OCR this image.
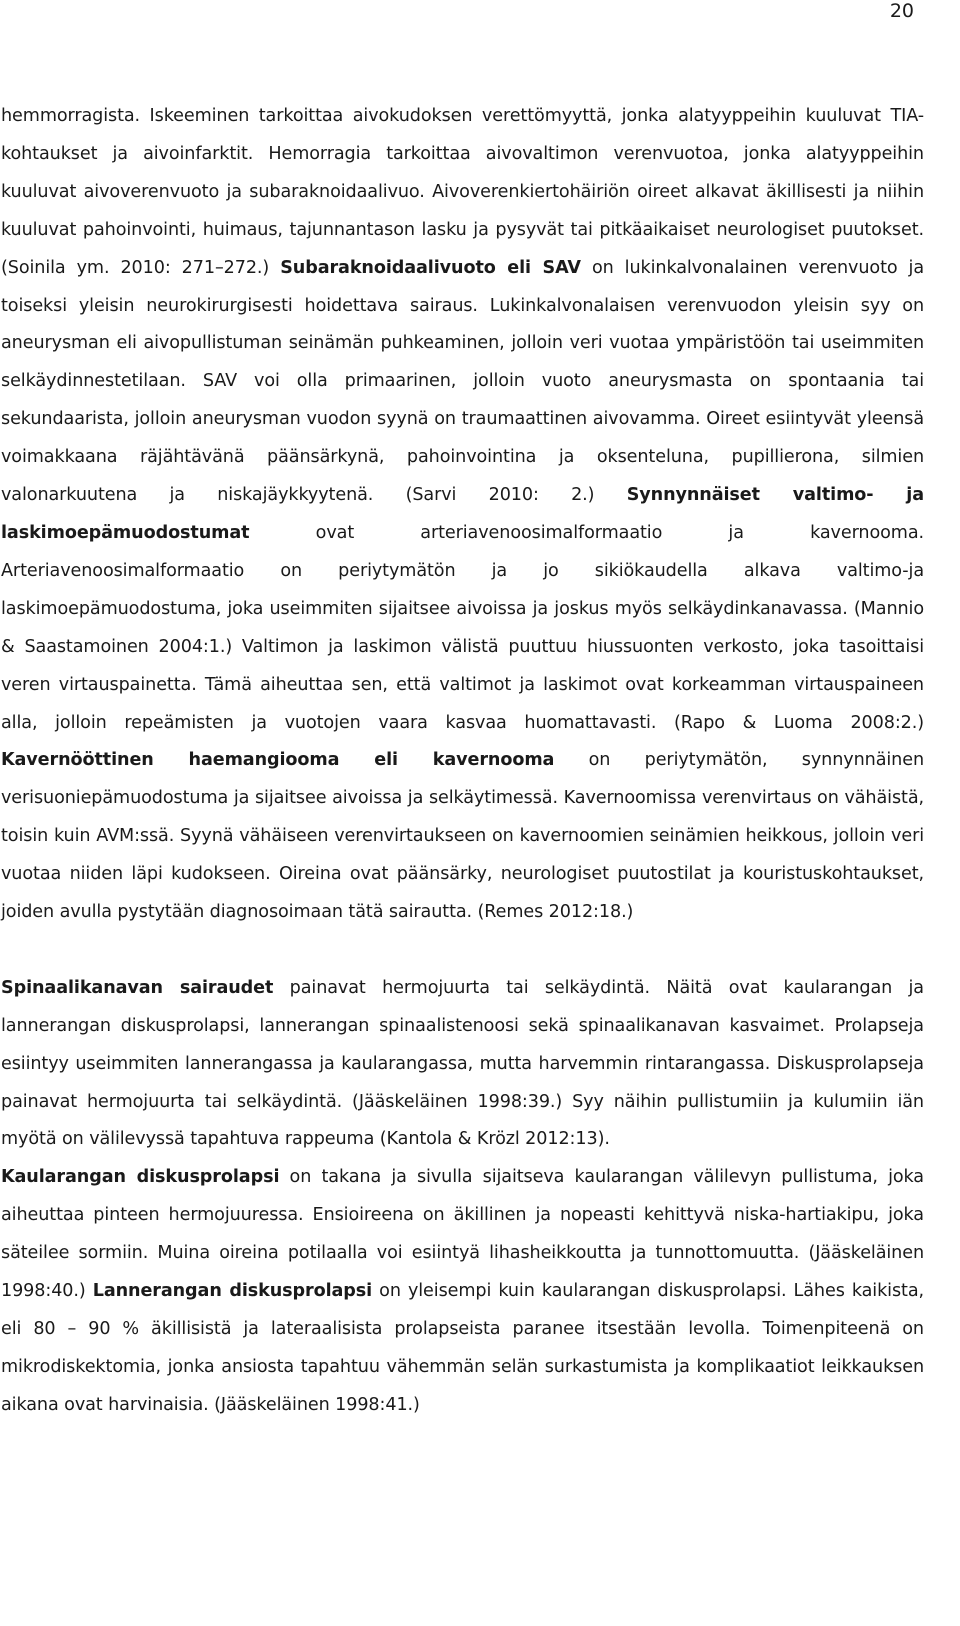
20

hemmorragista. Iskeeminen tarkoittaa aivokudoksen verettömyyttä, jonka alatyyppeihin kuuluvat TIA-kohtaukset ja aivoinfarktit. Hemorragia tarkoittaa aivovaltimon verenvuotoa, jonka alatyyppeihin kuuluvat aivoverenvuoto ja subaraknoidaalivuo. Aivoverenkiertohäiriön oireet alkavat äkillisesti ja niihin kuuluvat pahoinvointi, huimaus, tajunnantason lasku ja pysyvät tai pitkäaikaiset neurologiset puutokset. (Soinila ym. 2010: 271–272.) Subaraknoidaalivuoto eli SAV on lukinkalvonalainen verenvuoto ja toiseksi yleisin neurokirurgisesti hoidettava sairaus. Lukinkalvonalaisen verenvuodon yleisin syy on aneurysman eli aivopullistuman seinämän puhkeaminen, jolloin veri vuotaa ympäristöön tai useimmiten selkäydinnestetilaan. SAV voi olla primaarinen, jolloin vuoto aneurysmasta on spontaania tai sekundaarista, jolloin aneurysman vuodon syynä on traumaattinen aivovamma. Oireet esiintyvät yleensä voimakkaana räjähtävänä päänsärkynä, pahoinvointina ja oksenteluna, pupillierona, silmien valonarkuutena ja niskajäykkyytenä. (Sarvi 2010: 2.) Synnynnäiset valtimo- ja laskimoepämuodostumat ovat arteriavenoosimalformaatio ja kavernooma. Arteriavenoosimalformaatio on periytymätön ja jo sikiökaudella alkava valtimo-ja laskimoepämuodostuma, joka useimmiten sijaitsee aivoissa ja joskus myös selkäydinkanavassa. (Mannio & Saastamoinen 2004:1.) Valtimon ja laskimon välistä puuttuu hiussuonten verkosto, joka tasoittaisi veren virtauspainetta. Tämä aiheuttaa sen, että valtimot ja laskimot ovat korkeamman virtauspaineen alla, jolloin repeämisten ja vuotojen vaara kasvaa huomattavasti. (Rapo & Luoma 2008:2.) Kavernööttinen haemangiooma eli kavernooma on periytymätön, synnynnäinen verisuoniepämuodostuma ja sijaitsee aivoissa ja selkäytimessä. Kavernoomissa verenvirtaus on vähäistä, toisin kuin AVM:ssä. Syynä vähäiseen verenvirtaukseen on kavernoomien seinämien heikkous, jolloin veri vuotaa niiden läpi kudokseen. Oireina ovat päänsärky, neurologiset puutostilat ja kouristuskohtaukset, joiden avulla pystytään diagnosoimaan tätä sairautta. (Remes 2012:18.)

Spinaalikanavan sairaudet painavat hermojuurta tai selkäydintä. Näitä ovat kaularangan ja lannerangan diskusprolapsi, lannerangan spinaalistenoosi sekä spinaalikanavan kasvaimet. Prolapseja esiintyy useimmiten lannerangassa ja kaularangassa, mutta harvemmin rintarangassa. Diskusprolapseja painavat hermojuurta tai selkäydintä. (Jääskeläinen 1998:39.) Syy näihin pullistumiin ja kulumiin iän myötä on välilevyssä tapahtuva rappeuma (Kantola & Krözl 2012:13).

Kaularangan diskusprolapsi on takana ja sivulla sijaitseva kaularangan välilevyn pullistuma, joka aiheuttaa pinteen hermojuuressa. Ensioireena on äkillinen ja nopeasti kehittyvä niska-hartiakipu, joka säteilee sormiin. Muina oireina potilaalla voi esiintyä lihasheikkoutta ja tunnottomuutta. (Jääskeläinen 1998:40.) Lannerangan diskusprolapsi on yleisempi kuin kaularangan diskusprolapsi. Lähes kaikista, eli 80 – 90 % äkillisistä ja lateraalisista prolapseista paranee itsestään levolla. Toimenpiteenä on mikrodiskektomia, jonka ansiosta tapahtuu vähemmän selän surkastumista ja komplikaatiot leikkauksen aikana ovat harvinaisia. (Jääskeläinen 1998:41.)
